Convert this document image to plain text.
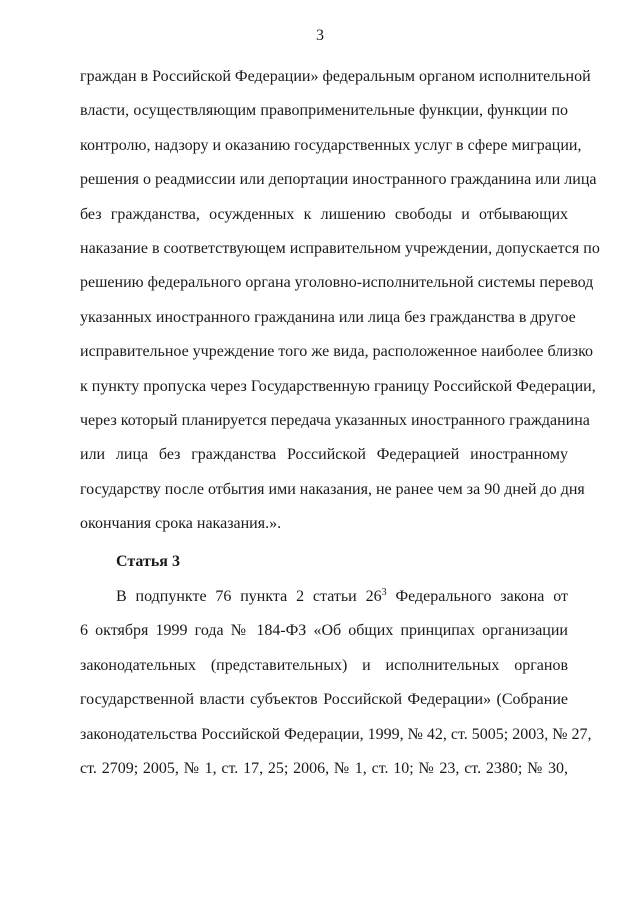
3
граждан в Российской Федерации» федеральным органом исполнительной
власти, осуществляющим правоприменительные функции, функции по
контролю, надзору и оказанию государственных услуг в сфере миграции,
решения о реадмиссии или депортации иностранного гражданина или лица
без гражданства, осужденных к лишению свободы и отбывающих
наказание в соответствующем исправительном учреждении, допускается по
решению федерального органа уголовно-исполнительной системы перевод
указанных иностранного гражданина или лица без гражданства в другое
исправительное учреждение того же вида, расположенное наиболее близко
к пункту пропуска через Государственную границу Российской Федерации,
через который планируется передача указанных иностранного гражданина
или лица без гражданства Российской Федерацией иностранному
государству после отбытия ими наказания, не ранее чем за 90 дней до дня
окончания срока наказания.».
Статья 3
В подпункте 76 пункта 2 статьи $26^3$ Федерального закона от
6 октября 1999 года № 184-ФЗ «Об общих принципах организации
законодательных (представительных) и исполнительных органов
государственной власти субъектов Российской Федерации» (Собрание
законодательства Российской Федерации, 1999, № 42, ст. 5005; 2003, № 27,
ст. 2709; 2005, № 1, ст. 17, 25; 2006, № 1, ст. 10; № 23, ст. 2380; № 30,
